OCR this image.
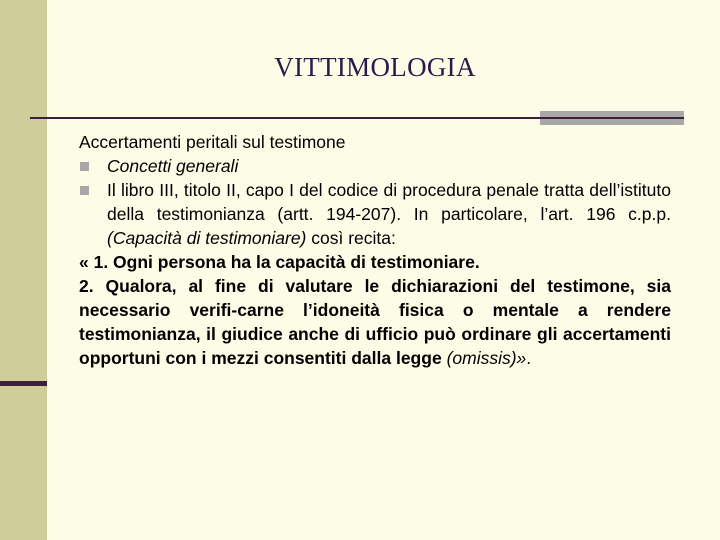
VITTIMOLOGIA

Accertamenti peritali sul testimone

Concetti generali

Il libro III, titolo II, capo I del codice di procedura penale tratta dell’istituto della testimonianza (artt. 194-207). In particolare, l’art. 196 c.p.p. (Capacità di testimoniare) così recita:

« 1. Ogni persona ha la capacità di testimoniare.

2. Qualora, al fine di valutare le dichiarazioni del testimone, sia necessario verifi-carne l’idoneità fisica o mentale a rendere testimonianza, il giudice anche di ufficio può ordinare gli accertamenti opportuni con i mezzi consentiti dalla legge (omissis)».
